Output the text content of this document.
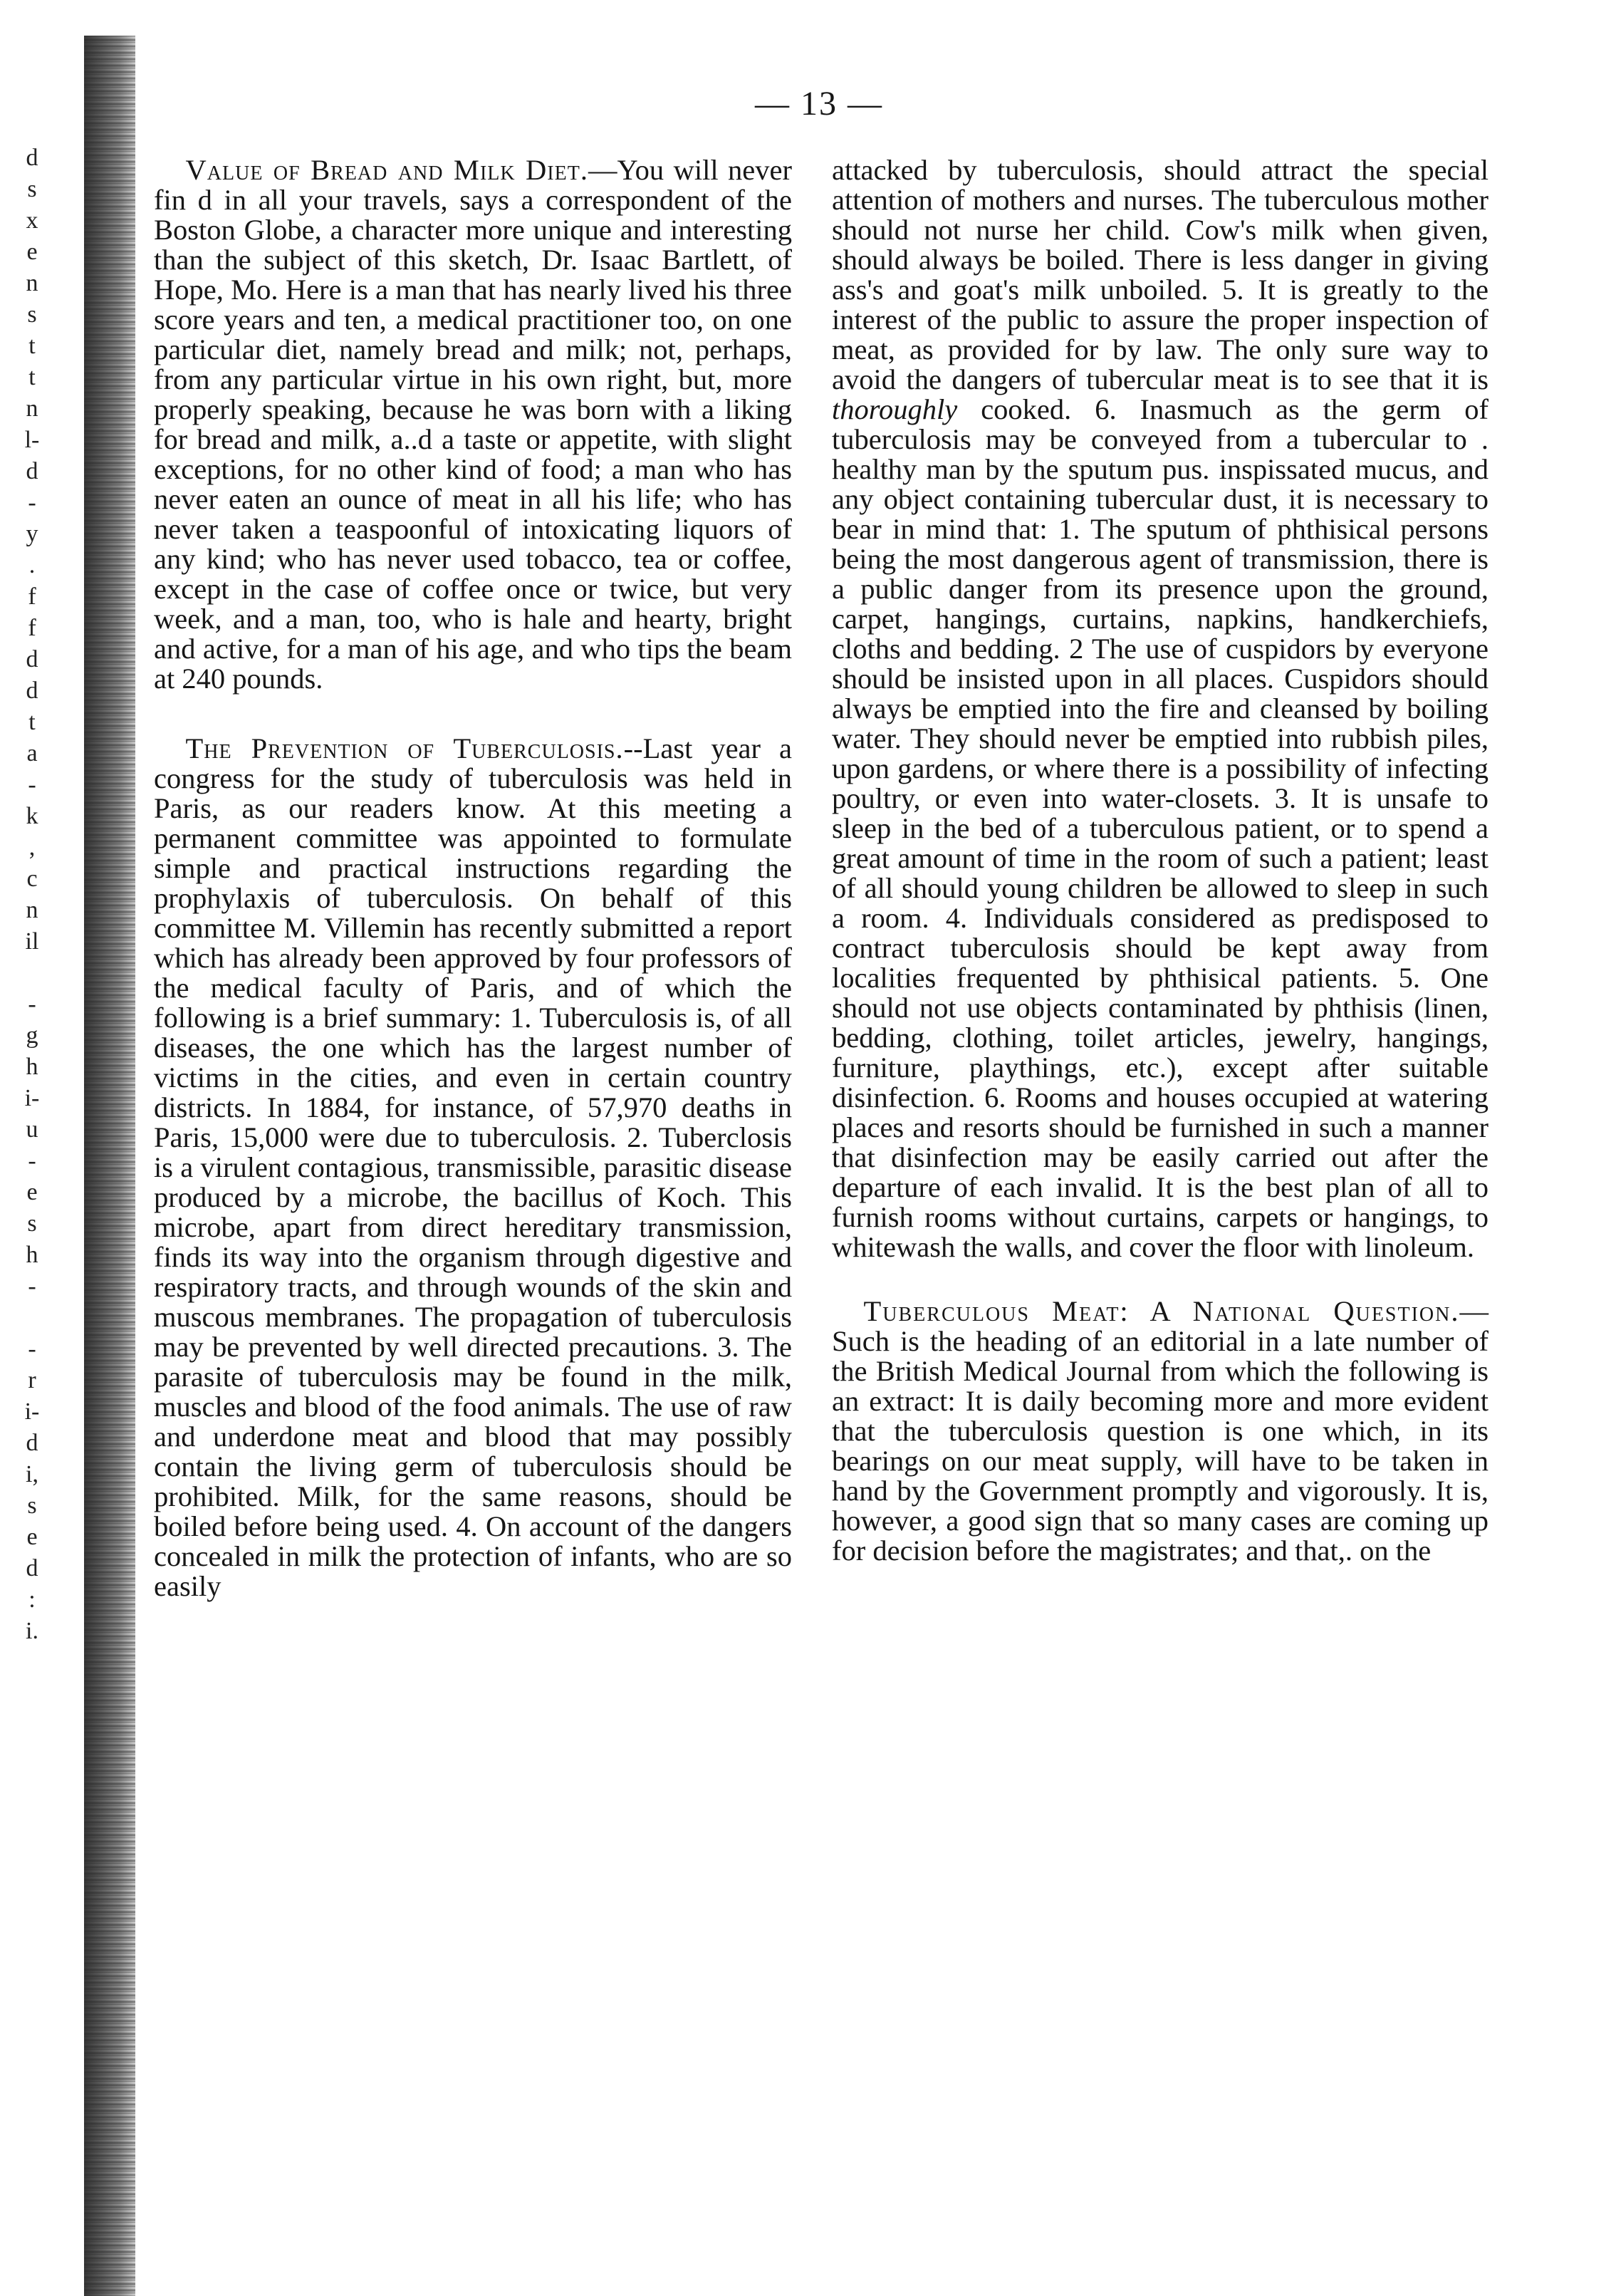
d
s
x
e
n
s
t
t
n
l-
d
-
y
.
f
f
d
d
t
a
-
k
,
c
n
il
-
g
h
i-
u
-
e
s
h
-
-
r
i-
d
i,
s
e
d
:
i.
— 13 —

Value of Bread and Milk Diet.—You will never fin d in all your travels, says a correspondent of the Boston Globe, a character more unique and interesting than the subject of this sketch, Dr. Isaac Bartlett, of Hope, Mo. Here is a man that has nearly lived his three score years and ten, a medical practitioner too, on one particular diet, namely bread and milk; not, perhaps, from any particular virtue in his own right, but, more properly speaking, because he was born with a liking for bread and milk, a..d a taste or appetite, with slight exceptions, for no other kind of food; a man who has never eaten an ounce of meat in all his life; who has never taken a teaspoonful of intoxicating liquors of any kind; who has never used tobacco, tea or coffee, except in the case of coffee once or twice, but very week, and a man, too, who is hale and hearty, bright and active, for a man of his age, and who tips the beam at 240 pounds.

The Prevention of Tuberculosis.--Last year a congress for the study of tuberculosis was held in Paris, as our readers know. At this meeting a permanent committee was appointed to formulate simple and practical instructions regarding the prophylaxis of tuberculosis. On behalf of this committee M. Villemin has recently submitted a report which has already been approved by four professors of the medical faculty of Paris, and of which the following is a brief summary: 1. Tuberculosis is, of all diseases, the one which has the largest number of victims in the cities, and even in certain country districts. In 1884, for instance, of 57,970 deaths in Paris, 15,000 were due to tuberculosis. 2. Tuberclosis is a virulent contagious, transmissible, parasitic disease produced by a microbe, the bacillus of Koch. This microbe, apart from direct hereditary transmission, finds its way into the organism through digestive and respiratory tracts, and through wounds of the skin and muscous membranes. The propagation of tuberculosis may be prevented by well directed precautions. 3. The parasite of tuberculosis may be found in the milk, muscles and blood of the food animals. The use of raw and underdone meat and blood that may possibly contain the living germ of tuberculosis should be prohibited. Milk, for the same reasons, should be boiled before being used. 4. On account of the dangers concealed in milk the protection of infants, who are so easily

attacked by tuberculosis, should attract the special attention of mothers and nurses. The tuberculous mother should not nurse her child. Cow's milk when given, should always be boiled. There is less danger in giving ass's and goat's milk unboiled. 5. It is greatly to the interest of the public to assure the proper inspection of meat, as provided for by law. The only sure way to avoid the dangers of tubercular meat is to see that it is thoroughly cooked. 6. Inasmuch as the germ of tuberculosis may be conveyed from a tubercular to . healthy man by the sputum pus. inspissated mucus, and any object containing tubercular dust, it is necessary to bear in mind that: 1. The sputum of phthisical persons being the most dangerous agent of transmission, there is a public danger from its presence upon the ground, carpet, hangings, curtains, napkins, handkerchiefs, cloths and bedding. 2 The use of cuspidors by everyone should be insisted upon in all places. Cuspidors should always be emptied into the fire and cleansed by boiling water. They should never be emptied into rubbish piles, upon gardens, or where there is a possibility of infecting poultry, or even into water-closets. 3. It is unsafe to sleep in the bed of a tuberculous patient, or to spend a great amount of time in the room of such a patient; least of all should young children be allowed to sleep in such a room. 4. Individuals considered as predisposed to contract tuberculosis should be kept away from localities frequented by phthisical patients. 5. One should not use objects contaminated by phthisis (linen, bedding, clothing, toilet articles, jewelry, hangings, furniture, playthings, etc.), except after suitable disinfection. 6. Rooms and houses occupied at watering places and resorts should be furnished in such a manner that disinfection may be easily carried out after the departure of each invalid. It is the best plan of all to furnish rooms without curtains, carpets or hangings, to whitewash the walls, and cover the floor with linoleum.

Tuberculous Meat: A National Question.—Such is the heading of an editorial in a late number of the British Medical Journal from which the following is an extract: It is daily becoming more and more evident that the tuberculosis question is one which, in its bearings on our meat supply, will have to be taken in hand by the Government promptly and vigorously. It is, however, a good sign that so many cases are coming up for decision before the magistrates; and that,. on the
